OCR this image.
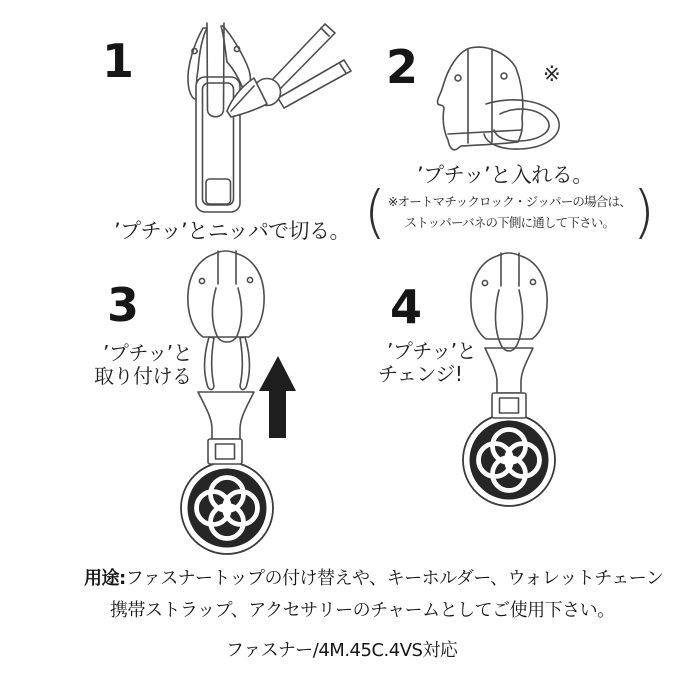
1
’プチッ’とニッパで切る。
2	※
’プチッ’と入れる。
( ※オートマチックロック・ジッパーの場合は、
ストッパーバネの下側に通して下さい。 )
3
’プチッ’と
取り付ける
4
’プチッ’と
チェンジ!
用途:ファスナートップの付け替えや、キーホルダー、ウォレットチェーン
携帯ストラップ、アクセサリーのチャームとしてご使用下さい。
ファスナー/4M.45C.4VS対応
